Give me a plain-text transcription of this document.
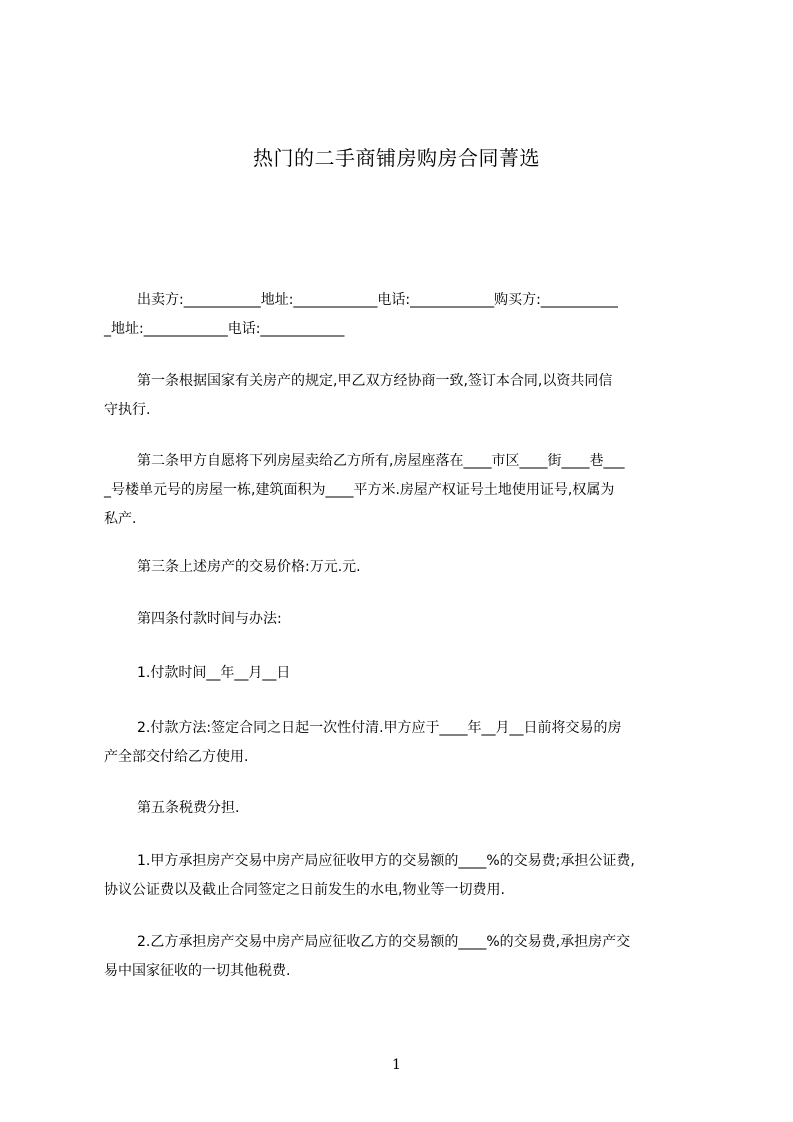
热门的二手商铺房购房合同菁选
出卖方:___________地址:____________电话:____________购买方:___________
_地址:____________电话:____________
第一条根据国家有关房产的规定,甲乙双方经协商一致,签订本合同,以资共同信
守执行.
第二条甲方自愿将下列房屋卖给乙方所有,房屋座落在____市区____街____巷___
_号楼单元号的房屋一栋,建筑面积为____平方米.房屋产权证号土地使用证号,权属为
私产.
第三条上述房产的交易价格:万元.元.
第四条付款时间与办法:
1.付款时间__年__月__日
2.付款方法:签定合同之日起一次性付清.甲方应于____年__月__日前将交易的房
产全部交付给乙方使用.
第五条税费分担.
1.甲方承担房产交易中房产局应征收甲方的交易额的____%的交易费;承担公证费,
协议公证费以及截止合同签定之日前发生的水电,物业等一切费用.
2.乙方承担房产交易中房产局应征收乙方的交易额的____%的交易费,承担房产交
易中国家征收的一切其他税费.
1
